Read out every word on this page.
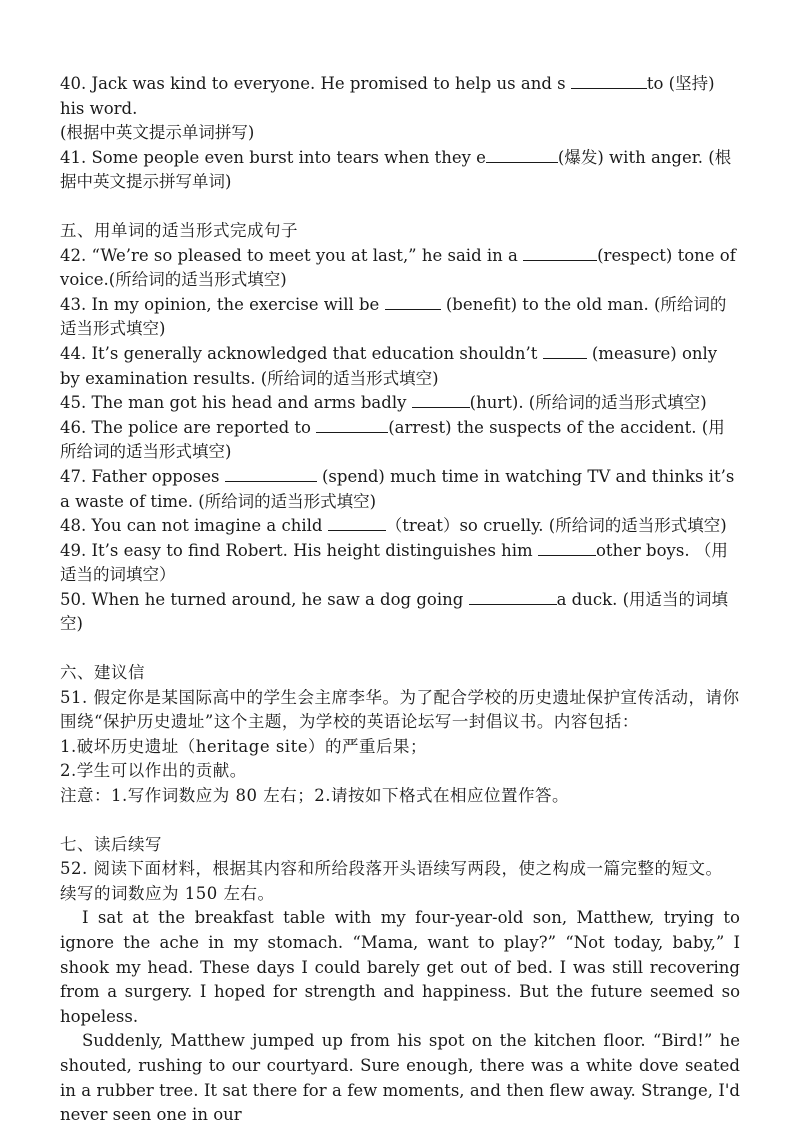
40. Jack was kind to everyone. He promised to help us and s	to (坚持) his word.
(根据中英文提示单词拼写)

41. Some people even burst into tears when they e	(爆发) with anger. (根据中英文提示拼写单词)

五、用单词的适当形式完成句子

42. “We’re so pleased to meet you at last,” he said in a	(respect) tone of voice.(所给词的适当形式填空)

43. In my opinion, the exercise will be	(benefit) to the old man. (所给词的适当形式填空)

44. It’s generally acknowledged that education shouldn’t	(measure) only by examination results. (所给词的适当形式填空)

45. The man got his head and arms badly	(hurt). (所给词的适当形式填空)

46. The police are reported to	(arrest) the suspects of the accident. (用所给词的适当形式填空)

47. Father opposes	(spend) much time in watching TV and thinks it’s a waste of time. (所给词的适当形式填空)

48. You can not imagine a child	（treat）so cruelly. (所给词的适当形式填空)

49. It’s easy to find Robert. His height distinguishes him	other boys. （用适当的词填空）

50. When he turned around, he saw a dog going	a duck. (用适当的词填空)

六、建议信

51. 假定你是某国际高中的学生会主席李华。为了配合学校的历史遗址保护宣传活动，请你围绕“保护历史遗址”这个主题，为学校的英语论坛写一封倡议书。内容包括：

1.破坏历史遗址（heritage site）的严重后果；

2.学生可以作出的贡献。

注意：1.写作词数应为 80 左右；2.请按如下格式在相应位置作答。

七、读后续写

52. 阅读下面材料，根据其内容和所给段落开头语续写两段，使之构成一篇完整的短文。 续写的词数应为 150 左右。

I sat at the breakfast table with my four-year-old son, Matthew, trying to ignore the ache in my stomach. “Mama, want to play?” “Not today, baby,” I shook my head. These days I could barely get out of bed. I was still recovering from a surgery. I hoped for strength and happiness. But the future seemed so hopeless.

Suddenly, Matthew jumped up from his spot on the kitchen floor. “Bird!” he shouted, rushing to our courtyard. Sure enough, there was a white dove seated in a rubber tree. It sat there for a few moments, and then flew away. Strange, I'd never seen one in our
